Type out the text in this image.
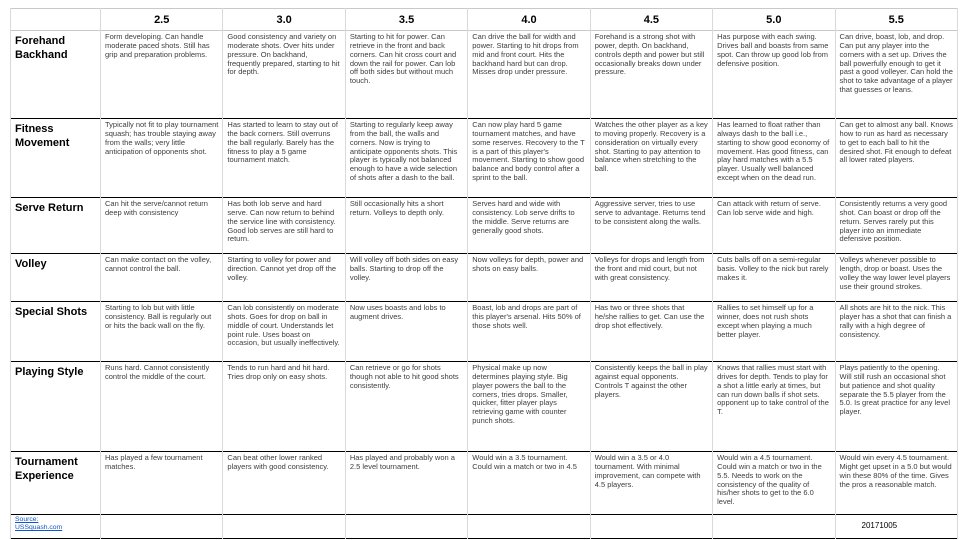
	2.5	3.0	3.5	4.0	4.5	5.0	5.5
Forehand Backhand	Form developing. Can handle moderate paced shots. Still has grip and preparation problems.	Good consistency and variety on moderate shots. Over hits under pressure. On backhand, frequently prepared, starting to hit for depth.	Starting to hit for power. Can retrieve in the front and back corners. Can hit cross court and down the rail for power. Can lob off both sides but without much touch.	Can drive the ball for width and power. Starting to hit drops from mid and front court. Hits the backhand hard but can drop. Misses drop under pressure.	Forehand is a strong shot with power, depth. On backhand, controls depth and power but still occasionally breaks down under pressure.	Has purpose with each swing. Drives ball and boasts from same spot. Can throw up good lob from defensive position.	Can drive, boast, lob, and drop. Can put any player into the corners with a set up. Drives the ball powerfully enough to get it past a good volleyer. Can hold the shot to take advantage of a player that guesses or leans.
Fitness Movement	Typically not fit to play tournament squash; has trouble staying away from the walls; very little anticipation of opponents shot.	Has started to learn to stay out of the back corners. Still overruns the ball regularly. Barely has the fitness to play a 5 game tournament match.	Starting to regularly keep away from the ball, the walls and corners. Now is trying to anticipate opponents shots. This player is typically not balanced enough to have a wide selection of shots after a dash to the ball.	Can now play hard 5 game tournament matches, and have some reserves. Recovery to the T is a part of this player's movement. Starting to show good balance and body control after a sprint to the ball.	Watches the other player as a key to moving properly. Recovery is a consideration on virtually every shot. Starting to pay attention to balance when stretching to the ball.	Has learned to float rather than always dash to the ball i.e., starting to show good economy of movement. Has good fitness, can play hard matches with a 5.5 player. Usually well balanced except when on the dead run.	Can get to almost any ball. Knows how to run as hard as necessary to get to each ball to hit the desired shot. Fit enough to defeat all lower rated players.
Serve Return	Can hit the serve/cannot return deep with consistency	Has both lob serve and hard serve. Can now return to behind the service line with consistency. Good lob serves are still hard to return.	Still occasionally hits a short return. Volleys to depth only.	Serves hard and wide with consistency. Lob serve drifts to the middle. Serve returns are generally good shots.	Aggressive server, tries to use serve to advantage. Returns tend to be consistent along the walls.	Can attack with return of serve. Can lob serve wide and high.	Consistently returns a very good shot. Can boast or drop off the return. Serves rarely put this player into an immediate defensive position.
Volley	Can make contact on the volley, cannot control the ball.	Starting to volley for power and direction. Cannot yet drop off the volley.	Will volley off both sides on easy balls. Starting to drop off the volley.	Now volleys for depth, power and shots on easy balls.	Volleys for drops and length from the front and mid court, but not with great consistency.	Cuts balls off on a semi-regular basis. Volley to the nick but rarely makes it.	Volleys whenever possible to length, drop or boast. Uses the volley the way lower level players use their ground strokes.
Special Shots	Starting to lob but with little consistency. Ball is regularly out or hits the back wall on the fly.	Can lob consistently on moderate shots. Goes for drop on ball in middle of court. Understands let point rule. Uses boast on occasion, but usually ineffectively.	Now uses boasts and lobs to augment drives.	Boast, lob and drops are part of this player's arsenal. Hits 50% of those shots well.	Has two or three shots that he/she rallies to get. Can use the drop shot effectively.	Rallies to set himself up for a winner, does not rush shots except when playing a much better player.	All shots are hit to the nick. This player has a shot that can finish a rally with a high degree of consistency.
Playing Style	Runs hard. Cannot consistently control the middle of the court.	Tends to run hard and hit hard. Tries drop only on easy shots.	Can retrieve or go for shots though not able to hit good shots consistently.	Physical make up now determines playing style. Big player powers the ball to the corners, tries drops. Smaller, quicker, fitter player plays retrieving game with counter punch shots.	Consistently keeps the ball in play against equal opponents. Controls T against the other players.	Knows that rallies must start with drives for depth. Tends to play for a shot a little early at times, but can run down balls if shot sets. opponent up to take control of the T.	Plays patiently to the opening. Will still rush an occasional shot but patience and shot quality separate the 5.5 player from the 5.0. Is great practice for any level player.
Tournament Experience	Has played a few tournament matches.	Can beat other lower ranked players with good consistency.	Has played and probably won a 2.5 level tournament.	Would win a 3.5 tournament. Could win a match or two in 4.5	Would win a 3.5 or 4.0 tournament. With minimal improvement, can compete with 4.5 players.	Would win a 4.5 tournament. Could win a match or two in the 5.5. Needs to work on the consistency of the quality of his/her shots to get to the 6.0 level.	Would win every 4.5 tournament. Might get upset in a 5.0 but would win these 80% of the time. Gives the pros a reasonable match.
Source:
USSquash.com							20171005
